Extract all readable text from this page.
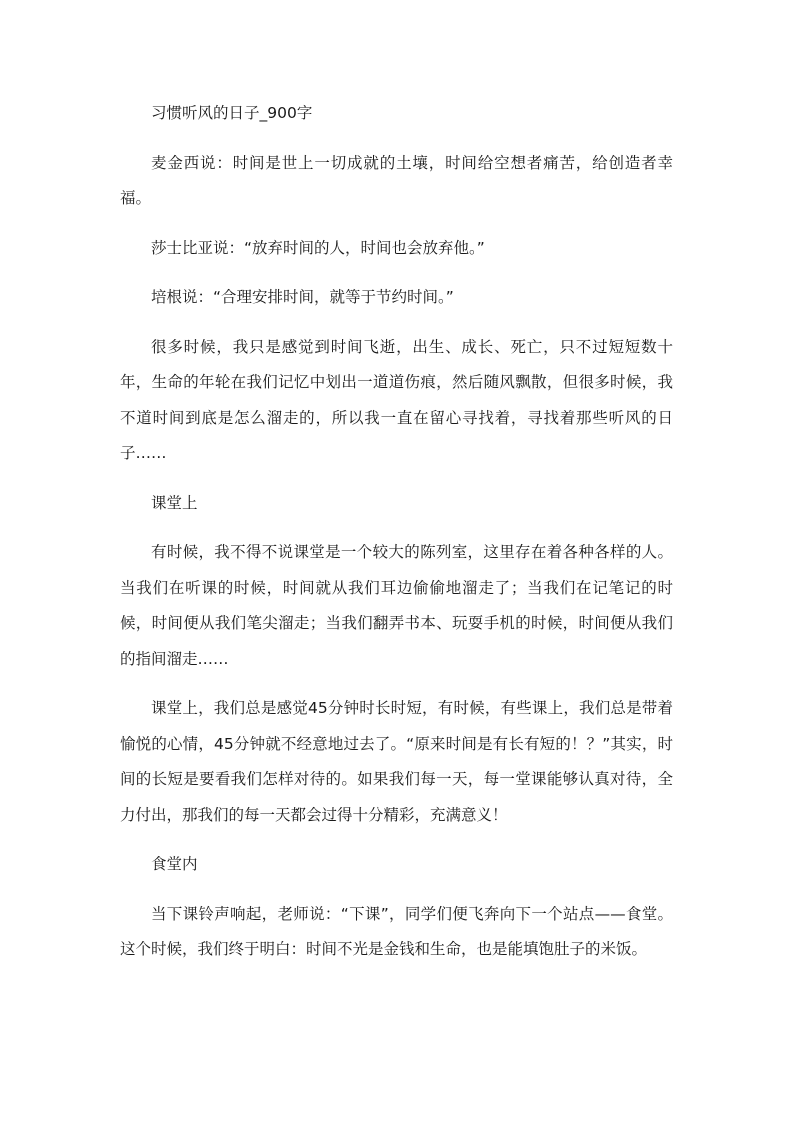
习惯听风的日子_900字

麦金西说：时间是世上一切成就的土壤，时间给空想者痛苦，给创造者幸福。

莎士比亚说：“放弃时间的人，时间也会放弃他。”

培根说：“合理安排时间，就等于节约时间。”

很多时候，我只是感觉到时间飞逝，出生、成长、死亡，只不过短短数十年，生命的年轮在我们记忆中划出一道道伤痕，然后随风飘散，但很多时候，我不道时间到底是怎么溜走的，所以我一直在留心寻找着，寻找着那些听风的日子……

课堂上

有时候，我不得不说课堂是一个较大的陈列室，这里存在着各种各样的人。当我们在听课的时候，时间就从我们耳边偷偷地溜走了；当我们在记笔记的时候，时间便从我们笔尖溜走；当我们翻弄书本、玩耍手机的时候，时间便从我们的指间溜走……

课堂上，我们总是感觉45分钟时长时短，有时候，有些课上，我们总是带着愉悦的心情，45分钟就不经意地过去了。“原来时间是有长有短的！？”其实，时间的长短是要看我们怎样对待的。如果我们每一天，每一堂课能够认真对待，全力付出，那我们的每一天都会过得十分精彩，充满意义！

食堂内

当下课铃声响起，老师说：“下课”，同学们便飞奔向下一个站点——食堂。这个时候，我们终于明白：时间不光是金钱和生命，也是能填饱肚子的米饭。
